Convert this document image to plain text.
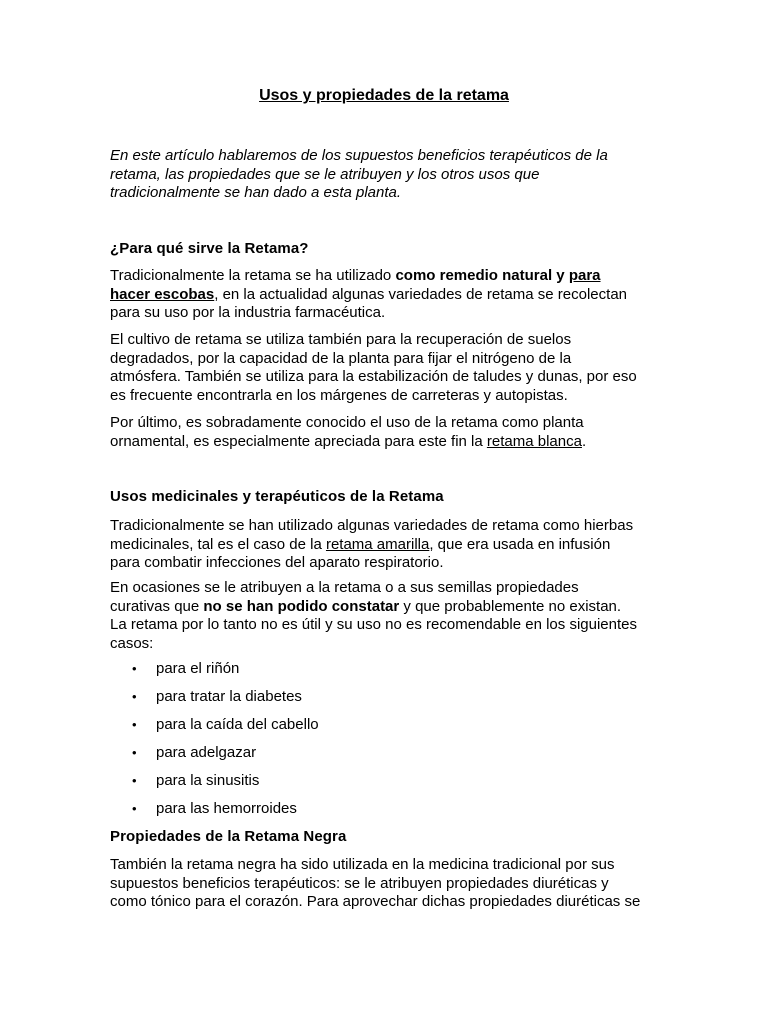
Usos y propiedades de la retama

En este artículo hablaremos de los supuestos beneficios terapéuticos de la
retama, las propiedades que se le atribuyen y los otros usos que
tradicionalmente se han dado a esta planta.

¿Para qué sirve la Retama?

Tradicionalmente la retama se ha utilizado como remedio natural y para
hacer escobas, en la actualidad algunas variedades de retama se recolectan
para su uso por la industria farmacéutica.

El cultivo de retama se utiliza también para la recuperación de suelos
degradados, por la capacidad de la planta para fijar el nitrógeno de la
atmósfera. También se utiliza para la estabilización de taludes y dunas, por eso
es frecuente encontrarla en los márgenes de carreteras y autopistas.

Por último, es sobradamente conocido el uso de la retama como planta
ornamental, es especialmente apreciada para este fin la retama blanca.

Usos medicinales y terapéuticos de la Retama

Tradicionalmente se han utilizado algunas variedades de retama como hierbas
medicinales, tal es el caso de la retama amarilla, que era usada en infusión
para combatir infecciones del aparato respiratorio.

En ocasiones se le atribuyen a la retama o a sus semillas propiedades
curativas que no se han podido constatar y que probablemente no existan.
La retama por lo tanto no es útil y su uso no es recomendable en los siguientes
casos:

• para el riñón
• para tratar la diabetes
• para la caída del cabello
• para adelgazar
• para la sinusitis
• para las hemorroides

Propiedades de la Retama Negra

También la retama negra ha sido utilizada en la medicina tradicional por sus
supuestos beneficios terapéuticos: se le atribuyen propiedades diuréticas y
como tónico para el corazón. Para aprovechar dichas propiedades diuréticas se
